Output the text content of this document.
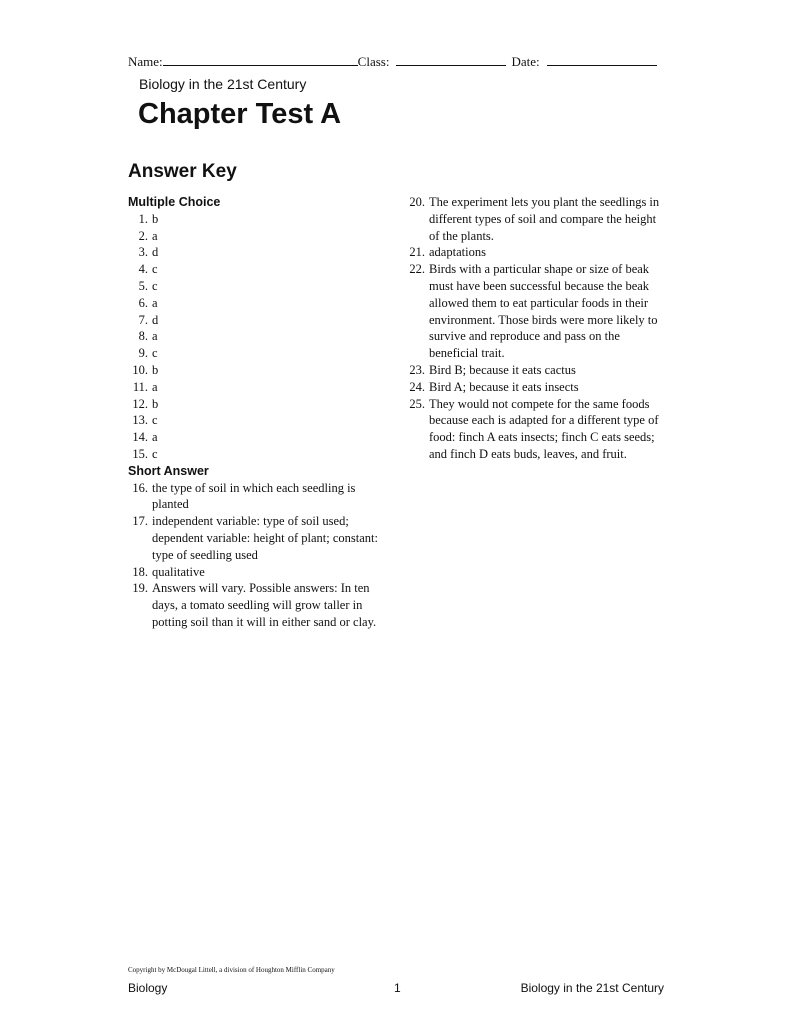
Name:	Class:	Date:
Biology in the 21st Century
Chapter Test A
Answer Key
Multiple Choice
1. b
2. a
3. d
4. c
5. c
6. a
7. d
8. a
9. c
10. b
11. a
12. b
13. c
14. a
15. c
Short Answer
16. the type of soil in which each seedling is planted
17. independent variable: type of soil used; dependent variable: height of plant; constant: type of seedling used
18. qualitative
19. Answers will vary. Possible answers: In ten days, a tomato seedling will grow taller in potting soil than it will in either sand or clay.
20. The experiment lets you plant the seedlings in different types of soil and compare the height of the plants.
21. adaptations
22. Birds with a particular shape or size of beak must have been successful because the beak allowed them to eat particular foods in their environment. Those birds were more likely to survive and reproduce and pass on the beneficial trait.
23. Bird B; because it eats cactus
24. Bird A; because it eats insects
25. They would not compete for the same foods because each is adapted for a different type of food: finch A eats insects; finch C eats seeds; and finch D eats buds, leaves, and fruit.
Copyright by McDougal Littell, a division of Houghton Mifflin Company
Biology	1	Biology in the 21st Century
